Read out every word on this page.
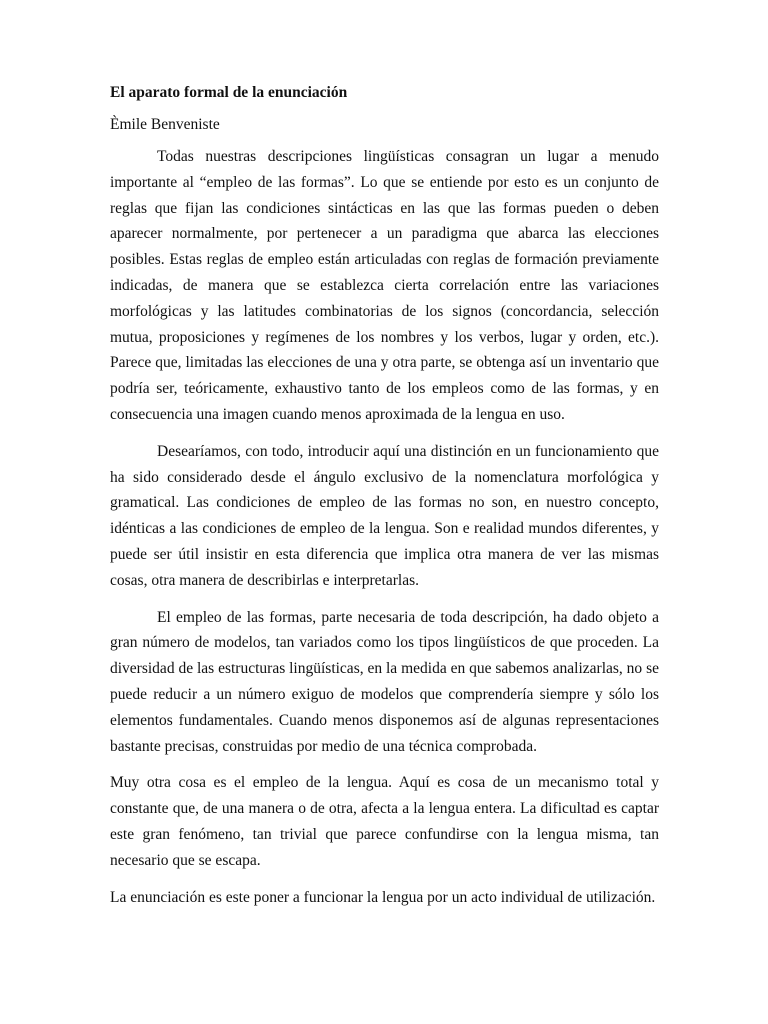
El aparato formal de la enunciación

Èmile Benveniste

Todas nuestras descripciones lingüísticas consagran un lugar a menudo importante al “empleo de las formas”. Lo que se entiende por esto es un conjunto de reglas que fijan las condiciones sintácticas en las que las formas pueden o deben aparecer normalmente, por pertenecer a un paradigma que abarca las elecciones posibles. Estas reglas de empleo están articuladas con reglas de formación previamente indicadas, de manera que se establezca cierta correlación entre las variaciones morfológicas y las latitudes combinatorias de los signos (concordancia, selección mutua, proposiciones y regímenes de los nombres y los verbos, lugar y orden, etc.). Parece que, limitadas las elecciones de una y otra parte, se obtenga así un inventario que podría ser, teóricamente, exhaustivo tanto de los empleos como de las formas, y en consecuencia una imagen cuando menos aproximada de la lengua en uso.

Desearíamos, con todo, introducir aquí una distinción en un funcionamiento que ha sido considerado desde el ángulo exclusivo de la nomenclatura morfológica y gramatical. Las condiciones de empleo de las formas no son, en nuestro concepto, idénticas a las condiciones de empleo de la lengua. Son e realidad mundos diferentes, y puede ser útil insistir en esta diferencia que implica otra manera de ver las mismas cosas, otra manera de describirlas e interpretarlas.

El empleo de las formas, parte necesaria de toda descripción, ha dado objeto a gran número de modelos, tan variados como los tipos lingüísticos de que proceden. La diversidad de las estructuras lingüísticas, en la medida en que sabemos analizarlas, no se puede reducir a un número exiguo de modelos que comprendería siempre y sólo los elementos fundamentales. Cuando menos disponemos así de algunas representaciones bastante precisas, construidas por medio de una técnica comprobada.

Muy otra cosa es el empleo de la lengua. Aquí es cosa de un mecanismo total y constante que, de una manera o de otra, afecta a la lengua entera. La dificultad es captar este gran fenómeno, tan trivial que parece confundirse con la lengua misma, tan necesario que se escapa.

La enunciación es este poner a funcionar la lengua por un acto individual de utilización.
